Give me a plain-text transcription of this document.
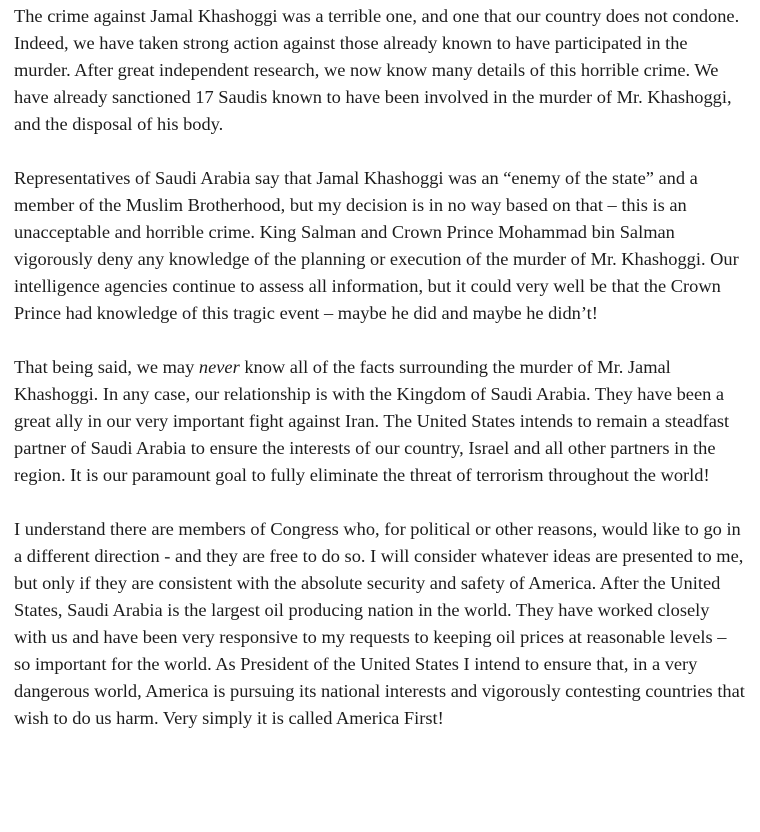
The crime against Jamal Khashoggi was a terrible one, and one that our country does not condone. Indeed, we have taken strong action against those already known to have participated in the murder. After great independent research, we now know many details of this horrible crime. We have already sanctioned 17 Saudis known to have been involved in the murder of Mr. Khashoggi, and the disposal of his body.

Representatives of Saudi Arabia say that Jamal Khashoggi was an “enemy of the state” and a member of the Muslim Brotherhood, but my decision is in no way based on that – this is an unacceptable and horrible crime. King Salman and Crown Prince Mohammad bin Salman vigorously deny any knowledge of the planning or execution of the murder of Mr. Khashoggi. Our intelligence agencies continue to assess all information, but it could very well be that the Crown Prince had knowledge of this tragic event – maybe he did and maybe he didn’t!

That being said, we may never know all of the facts surrounding the murder of Mr. Jamal Khashoggi. In any case, our relationship is with the Kingdom of Saudi Arabia. They have been a great ally in our very important fight against Iran. The United States intends to remain a steadfast partner of Saudi Arabia to ensure the interests of our country, Israel and all other partners in the region. It is our paramount goal to fully eliminate the threat of terrorism throughout the world!

I understand there are members of Congress who, for political or other reasons, would like to go in a different direction - and they are free to do so. I will consider whatever ideas are presented to me, but only if they are consistent with the absolute security and safety of America. After the United States, Saudi Arabia is the largest oil producing nation in the world. They have worked closely with us and have been very responsive to my requests to keeping oil prices at reasonable levels – so important for the world. As President of the United States I intend to ensure that, in a very dangerous world, America is pursuing its national interests and vigorously contesting countries that wish to do us harm. Very simply it is called America First!
